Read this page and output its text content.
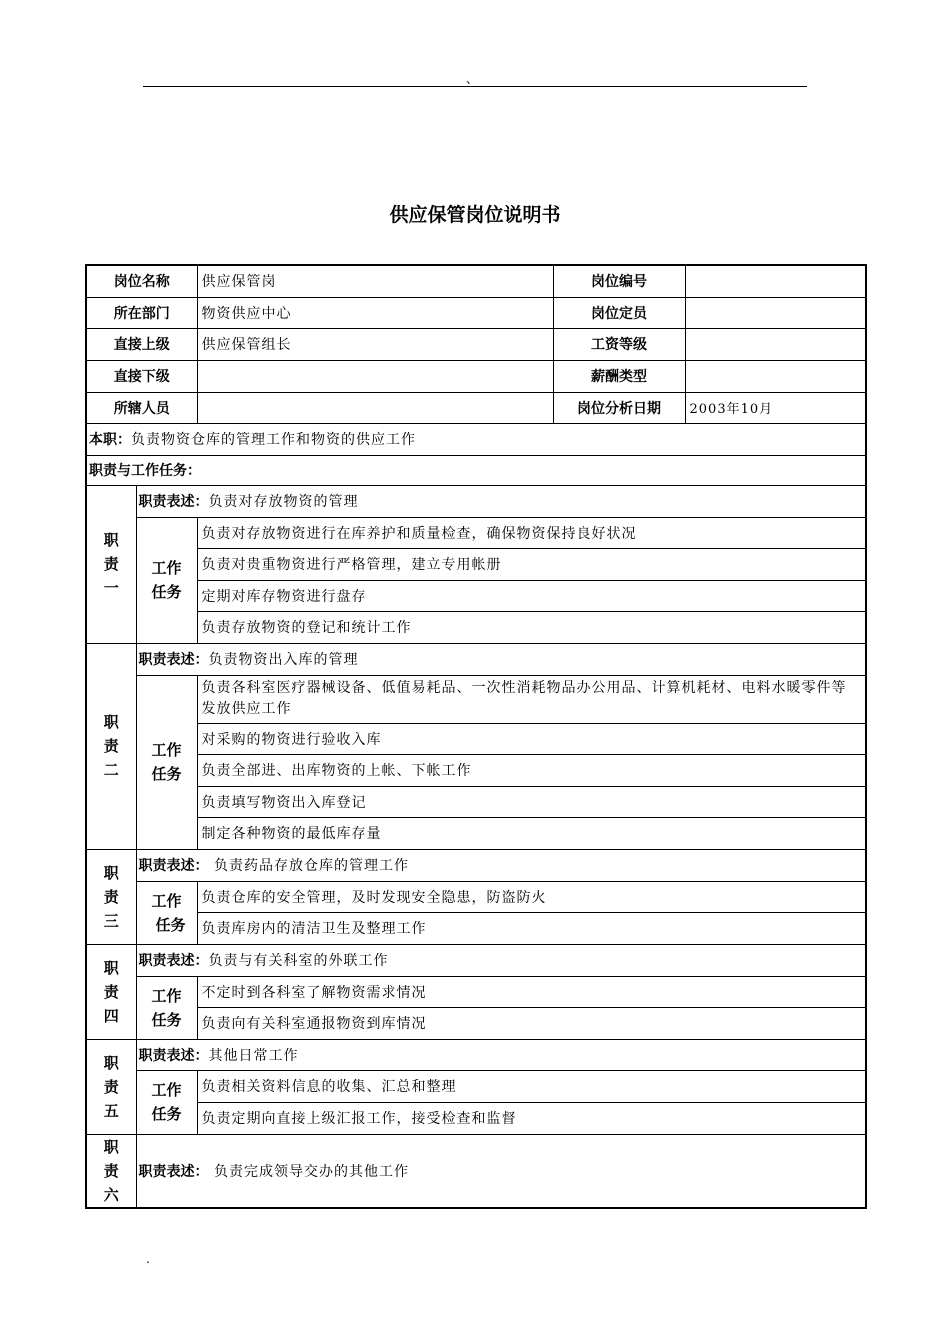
、
供应保管岗位说明书
岗位名称		供应保管岗	岗位编号	
所在部门		物资供应中心	岗位定员	
直接上级		供应保管组长	工资等级	
直接下级			薪酬类型	
所辖人员			岗位分析日期	2003年10月
本职：负责物资仓库的管理工作和物资的供应工作				
职责与工作任务：				
职
责
一	职责表述：负责对存放物资的管理			
	工作
任务	负责对存放物资进行在库养护和质量检查，确保物资保持良好状况		
		负责对贵重物资进行严格管理，建立专用帐册		
		定期对库存物资进行盘存		
		负责存放物资的登记和统计工作		
职
责
二	职责表述：负责物资出入库的管理			
	工作
任务	负责各科室医疗器械设备、低值易耗品、一次性消耗物品办公用品、计算机耗材、电料水暖零件等发放供应工作		
		对采购的物资进行验收入库		
		负责全部进、出库物资的上帐、下帐工作		
		负责填写物资出入库登记		
		制定各种物资的最低库存量		
职
责
三	职责表述： 负责药品存放仓库的管理工作			
	工作
任务	负责仓库的安全管理，及时发现安全隐患，防盗防火		
		负责库房内的清洁卫生及整理工作		
职
责
四	职责表述：负责与有关科室的外联工作			
	工作
任务	不定时到各科室了解物资需求情况		
		负责向有关科室通报物资到库情况		
职
责
五	职责表述：其他日常工作			
	工作
任务	负责相关资料信息的收集、汇总和整理		
		负责定期向直接上级汇报工作，接受检查和监督		
职
责
六	职责表述： 负责完成领导交办的其他工作			
.
